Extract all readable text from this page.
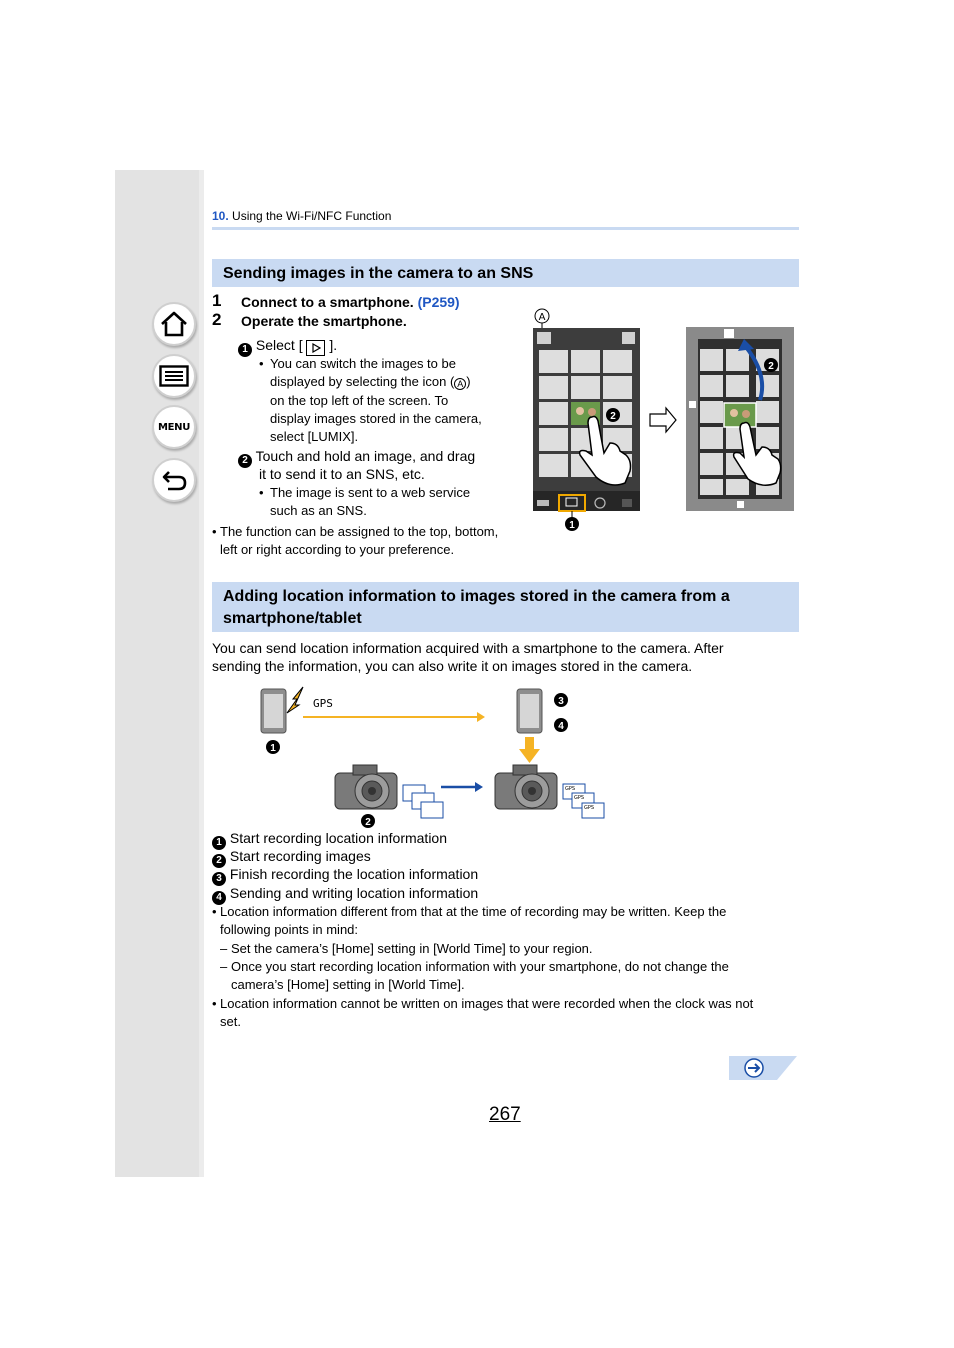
MENU
10. Using the Wi-Fi/NFC Function
Sending images in the camera to an SNS
1 Connect to a smartphone. (P259)
2 Operate the smartphone.
1 Select [ ].
• You can switch the images to be
displayed by selecting the icon ( A )
on the top left of the screen. To
display images stored in the camera,
select [LUMIX].
2 Touch and hold an image, and drag
it to send it to an SNS, etc.
• The image is sent to a web service
such as an SNS.
• The function can be assigned to the top, bottom,
left or right according to your preference.
A
2
1
2
Adding location information to images stored in the camera from a
smartphone/tablet
You can send location information acquired with a smartphone to the camera. After
sending the information, you can also write it on images stored in the camera.
GPS
1
3
4
2
GPS
GPS
GPS
1 Start recording location information
2 Start recording images
3 Finish recording the location information
4 Sending and writing location information
• Location information different from that at the time of recording may be written. Keep the
following points in mind:
– Set the camera’s [Home] setting in [World Time] to your region.
– Once you start recording location information with your smartphone, do not change the
camera’s [Home] setting in [World Time].
• Location information cannot be written on images that were recorded when the clock was not
set.
267
